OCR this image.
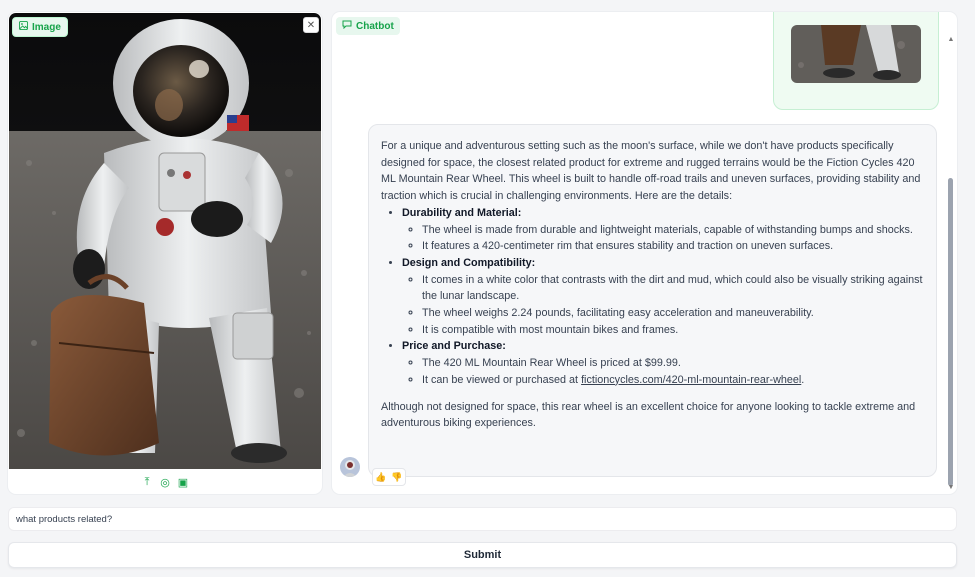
Image	✕
⤒ ◎ ▣
Chatbot

For a unique and adventurous setting such as the moon's surface, while we don't have products specifically designed for space, the closest related product for extreme and rugged terrains would be the Fiction Cycles 420 ML Mountain Rear Wheel. This wheel is built to handle off-road trails and uneven surfaces, providing stability and traction which is crucial in challenging environments. Here are the details:

• Durability and Material:
◦ The wheel is made from durable and lightweight materials, capable of withstanding bumps and shocks.
◦ It features a 420-centimeter rim that ensures stability and traction on uneven surfaces.
• Design and Compatibility:
◦ It comes in a white color that contrasts with the dirt and mud, which could also be visually striking against the lunar landscape.
◦ The wheel weighs 2.24 pounds, facilitating easy acceleration and maneuverability.
◦ It is compatible with most mountain bikes and frames.
• Price and Purchase:
◦ The 420 ML Mountain Rear Wheel is priced at $99.99.
◦ It can be viewed or purchased at fictioncycles.com/420-ml-mountain-rear-wheel.

Although not designed for space, this rear wheel is an excellent choice for anyone looking to tackle extreme and adventurous biking experiences.

👍 👎
▲
▼
what products related?
Submit
